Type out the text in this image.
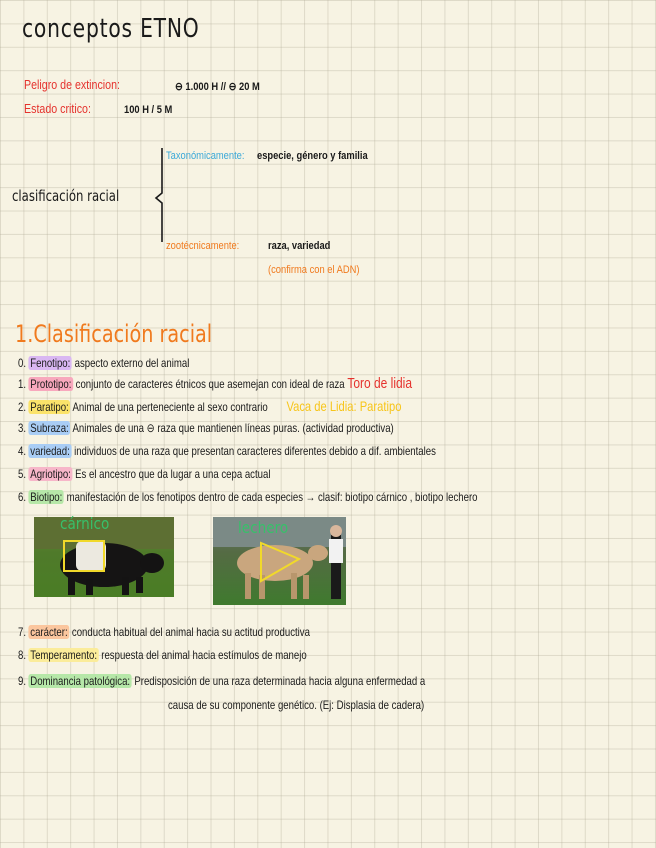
conceptos ETNO
Peligro de extincion:	⊖ 1.000 H // ⊖ 20 M
Estado critico:	100 H / 5 M
clasificación racial
Taxonómicamente: especie, género y familia
zootécnicamente:	raza, variedad
(confirma con el ADN)
1.Clasificación racial
0. Fenotipo: aspecto externo del animal
1. Prototipo: conjunto de caracteres étnicos que asemejan con ideal de raza Toro de lidia
2. Paratipo: Animal de una perteneciente al sexo contrario Vaca de Lidia: Paratipo
3. Subraza: Animales de una ⊖ raza que mantienen líneas puras. (actividad productiva)
4. variedad: individuos de una raza que presentan caracteres diferentes debido a dif. ambientales
5. Agriotipo: Es el ancestro que da lugar a una cepa actual
6. Biotipo: manifestación de los fenotipos dentro de cada especies → clasif: biotipo cárnico , biotipo lechero
cárnico	lechero
7. carácter: conducta habitual del animal hacia su actitud productiva
8. Temperamento: respuesta del animal hacia estímulos de manejo
9. Dominancia patológica: Predisposición de una raza determinada hacia alguna enfermedad a
causa de su componente genético. (Ej: Displasia de cadera)
